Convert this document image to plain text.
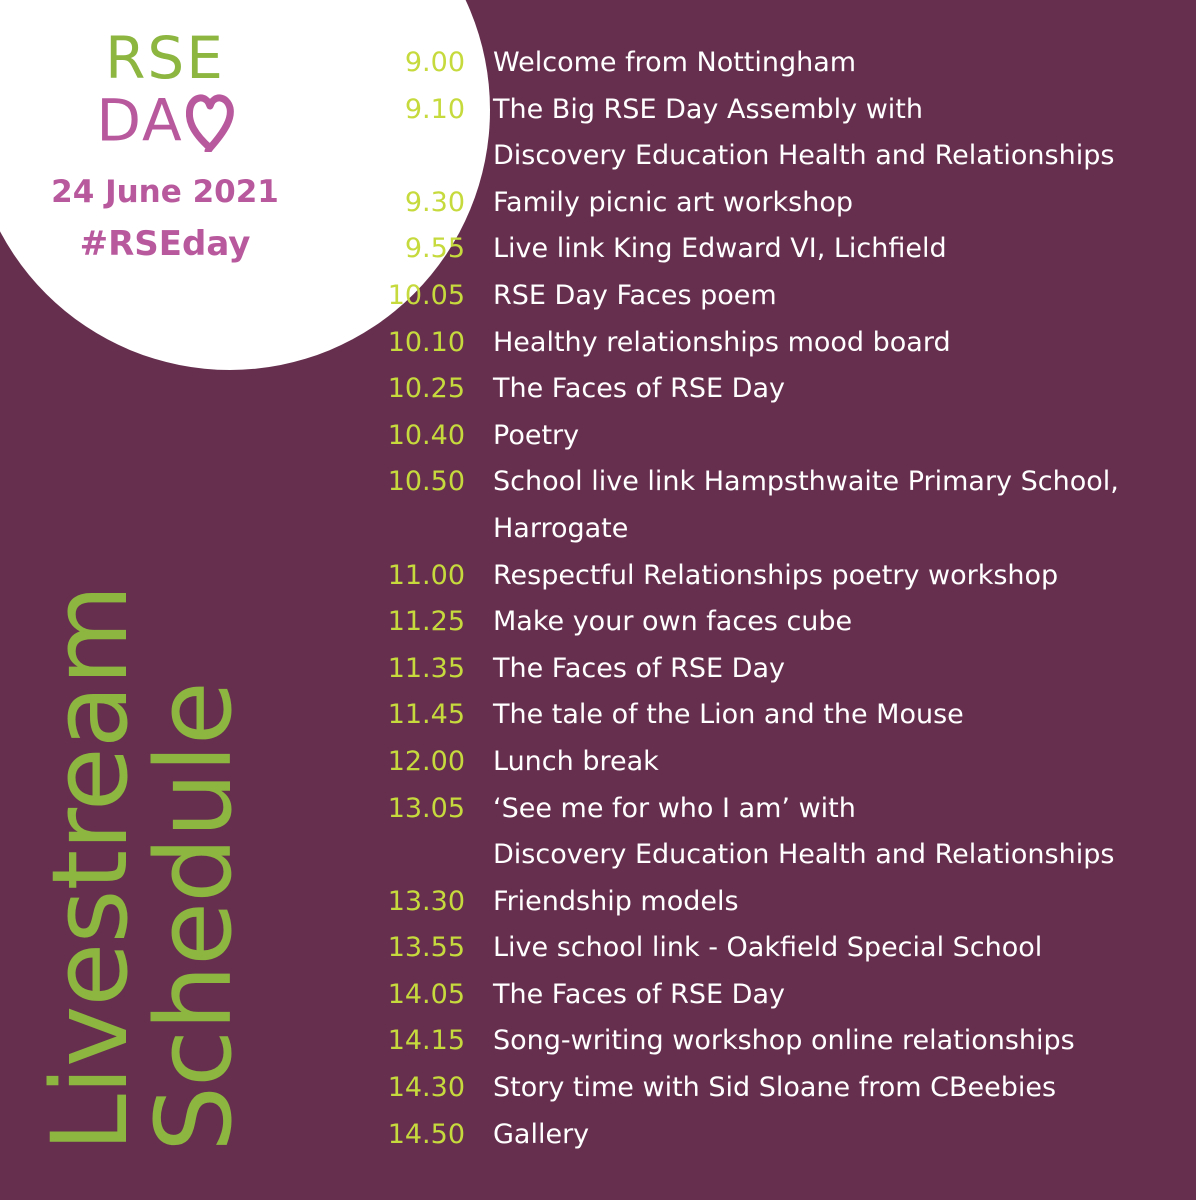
RSE
DA
24 June 2021
#RSEday
Livestream
Schedule
9.00 Welcome from Nottingham
9.10 The Big RSE Day Assembly with
Discovery Education Health and Relationships
9.30 Family picnic art workshop
9.55 Live link King Edward VI, Lichfield
10.05 RSE Day Faces poem
10.10 Healthy relationships mood board
10.25 The Faces of RSE Day
10.40 Poetry
10.50 School live link Hampsthwaite Primary School,
Harrogate
11.00 Respectful Relationships poetry workshop
11.25 Make your own faces cube
11.35 The Faces of RSE Day
11.45 The tale of the Lion and the Mouse
12.00 Lunch break
13.05 ‘See me for who I am’ with
Discovery Education Health and Relationships
13.30 Friendship models
13.55 Live school link - Oakfield Special School
14.05 The Faces of RSE Day
14.15 Song-writing workshop online relationships
14.30 Story time with Sid Sloane from CBeebies
14.50 Gallery
